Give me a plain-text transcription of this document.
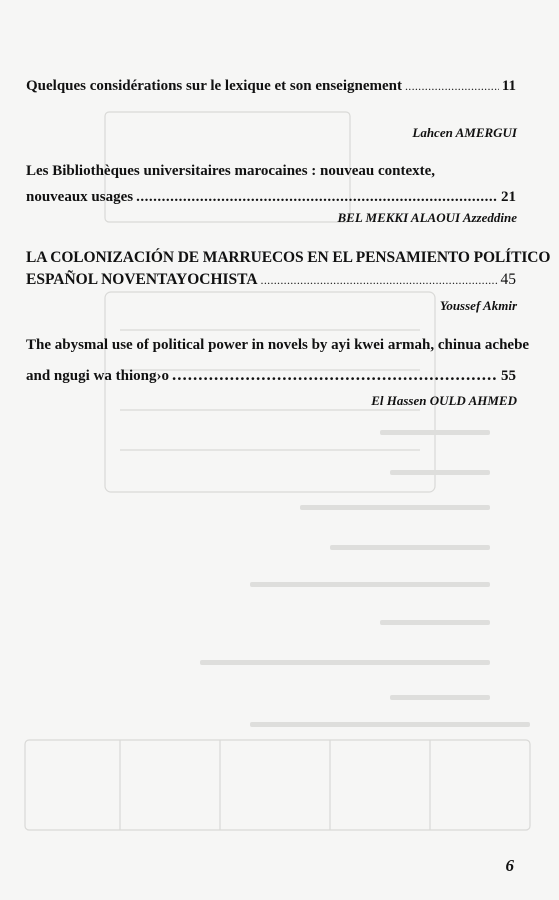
Quelques considérations sur le lexique et son enseignement .....	11
Lahcen AMERGUI
Les Bibliothèques universitaires marocaines : nouveau contexte,
nouveaux usages .....	21
BEL MEKKI ALAOUI Azzeddine
LA COLONIZACIÓN DE MARRUECOS EN EL PENSAMIENTO POLÍTICO
ESPAÑOL NOVENTAYOCHISTA .....	45
Youssef Akmir
The abysmal use of political power in novels by ayi kwei armah, chinua achebe
and ngugi wa thiong›o .....	55
El Hassen OULD AHMED
6
